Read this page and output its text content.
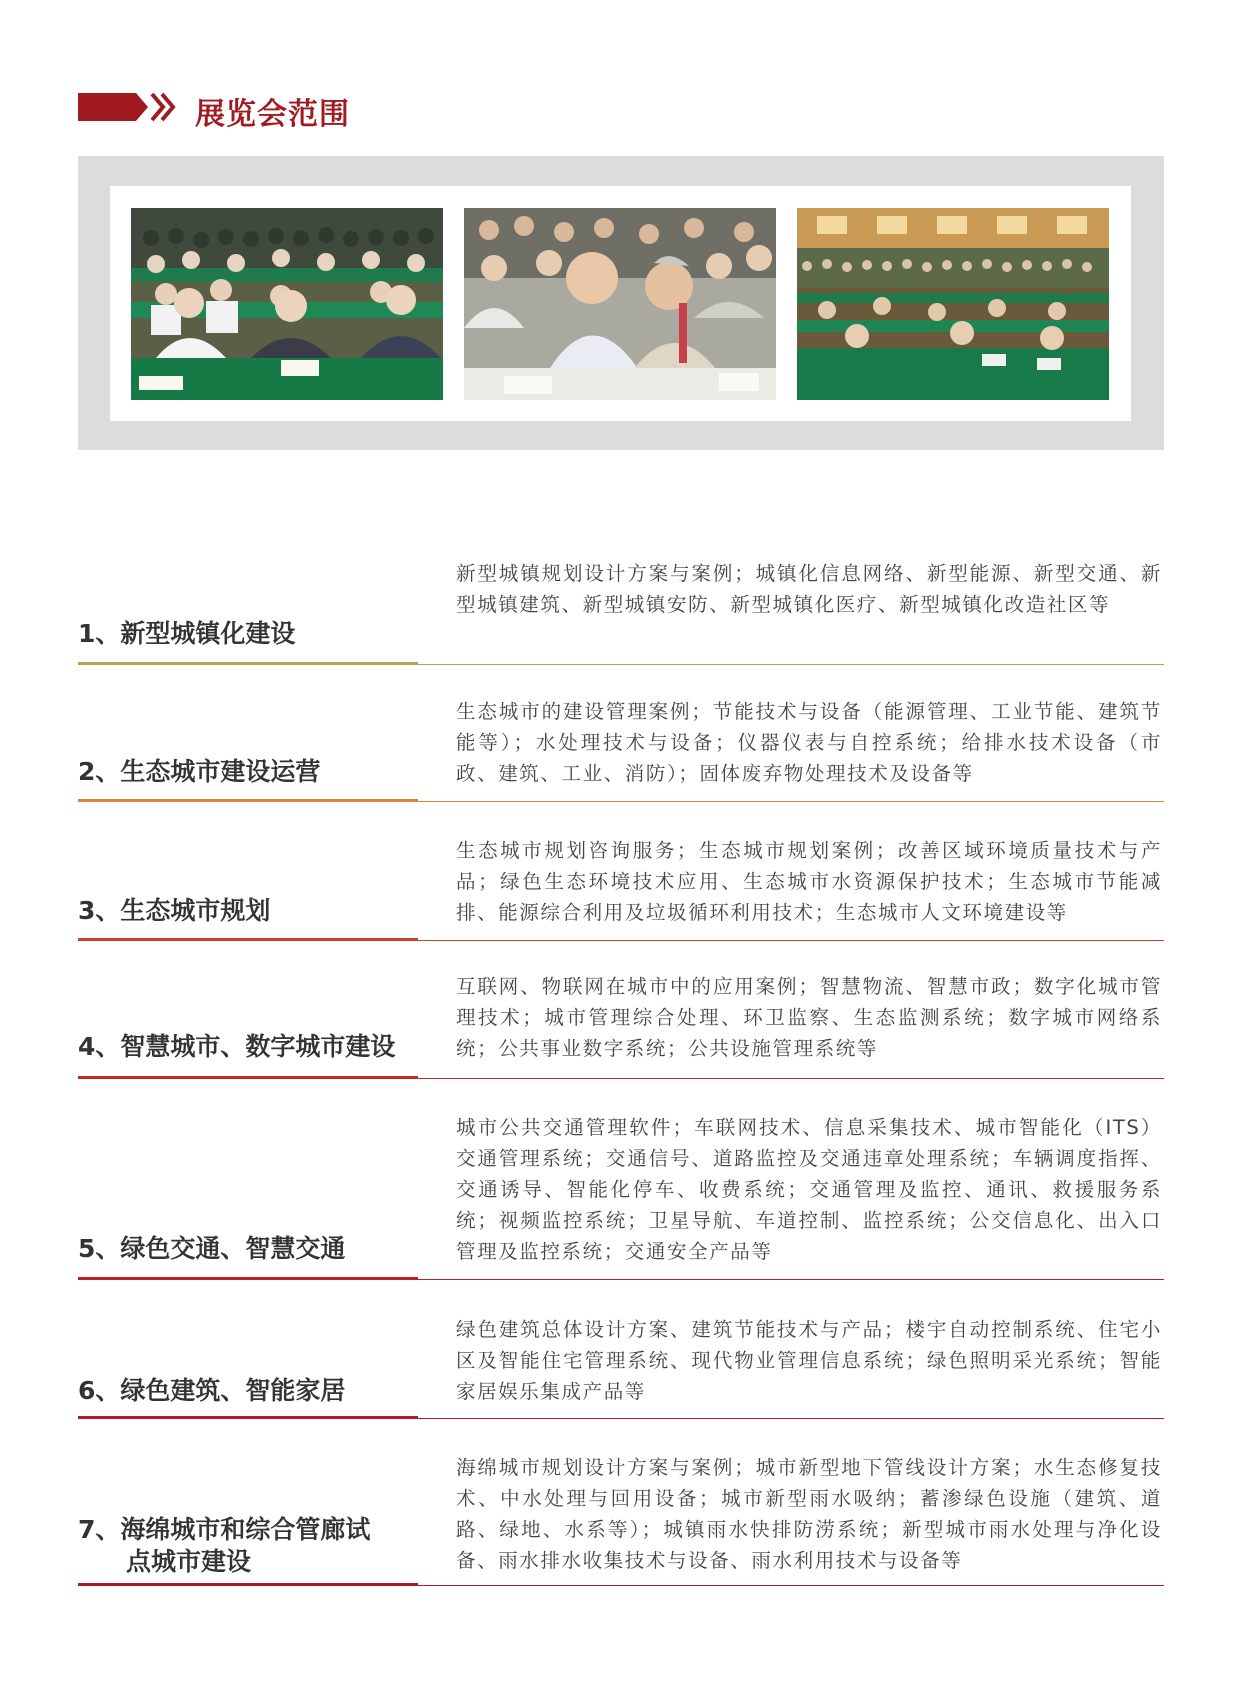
展览会范围
1、新型城镇化建设
新型城镇规划设计方案与案例；城镇化信息网络、新型能源、新型交通、新型城镇建筑、新型城镇安防、新型城镇化医疗、新型城镇化改造社区等
2、生态城市建设运营
生态城市的建设管理案例；节能技术与设备（能源管理、工业节能、建筑节能等）；水处理技术与设备；仪器仪表与自控系统；给排水技术设备（市政、建筑、工业、消防）；固体废弃物处理技术及设备等
3、生态城市规划
生态城市规划咨询服务；生态城市规划案例；改善区域环境质量技术与产品；绿色生态环境技术应用、生态城市水资源保护技术；生态城市节能减排、能源综合利用及垃圾循环利用技术；生态城市人文环境建设等
4、智慧城市、数字城市建设
互联网、物联网在城市中的应用案例；智慧物流、智慧市政；数字化城市管理技术；城市管理综合处理、环卫监察、生态监测系统；数字城市网络系统；公共事业数字系统；公共设施管理系统等
5、绿色交通、智慧交通
城市公共交通管理软件；车联网技术、信息采集技术、城市智能化（ITS）交通管理系统；交通信号、道路监控及交通违章处理系统；车辆调度指挥、交通诱导、智能化停车、收费系统；交通管理及监控、通讯、救援服务系统；视频监控系统；卫星导航、车道控制、监控系统；公交信息化、出入口管理及监控系统；交通安全产品等
6、绿色建筑、智能家居
绿色建筑总体设计方案、建筑节能技术与产品；楼宇自动控制系统、住宅小区及智能住宅管理系统、现代物业管理信息系统；绿色照明采光系统；智能家居娱乐集成产品等
7、海绵城市和综合管廊试
点城市建设
海绵城市规划设计方案与案例；城市新型地下管线设计方案；水生态修复技术、中水处理与回用设备；城市新型雨水吸纳；蓄渗绿色设施（建筑、道路、绿地、水系等）；城镇雨水快排防涝系统；新型城市雨水处理与净化设备、雨水排水收集技术与设备、雨水利用技术与设备等
